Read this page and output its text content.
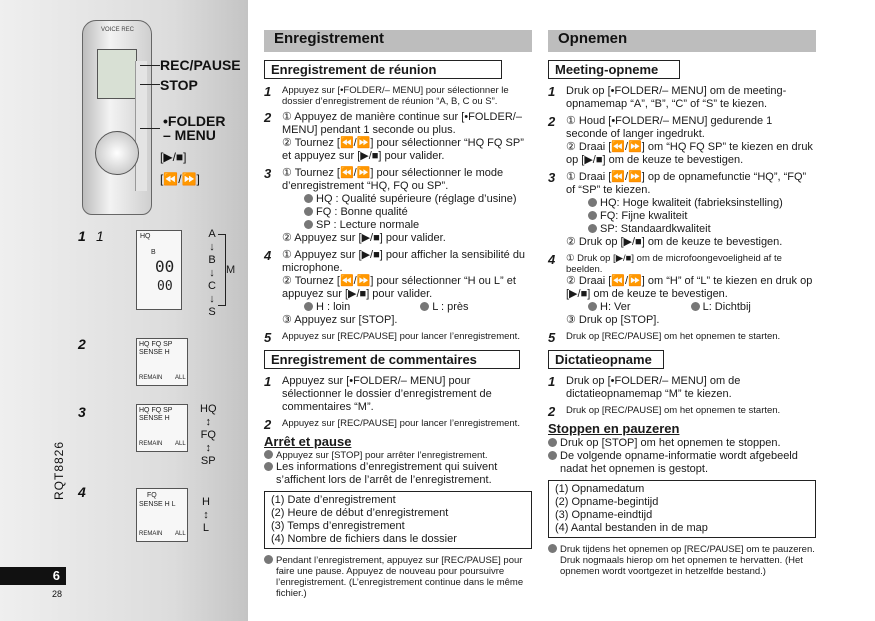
VOICE REC
REC/PAUSE
STOP
•FOLDER
– MENU
[▶/■]
[⏪/⏩]
1 1	HQ
B
00
00
A
↓
B
↓
C
↓
S
M
2	HQ FQ SP
SENSE H
REMAIN ALL
3	HQ FQ SP
SENSE H
REMAIN ALL
HQ
↕
FQ
↕
SP
4	FQ
SENSE H L
REMAIN ALL
H
↕
L
RQT8826
6
28
Enregistrement
Enregistrement de réunion
1 Appuyez sur [•FOLDER/– MENU] pour sélectionner le dossier d’enregistrement de réunion “A, B, C ou S”.
2 ① Appuyez de manière continue sur [•FOLDER/– MENU] pendant 1 seconde ou plus.
② Tournez [⏪/⏩] pour sélectionner “HQ FQ SP” et appuyez sur [▶/■] pour valider.
3 ① Tournez [⏪/⏩] pour sélectionner le mode d’enregistrement “HQ, FQ ou SP”.
HQ : Qualité supérieure (réglage d’usine)
FQ : Bonne qualité
SP : Lecture normale
② Appuyez sur [▶/■] pour valider.
4 ① Appuyez sur [▶/■] pour afficher la sensibilité du microphone.
② Tournez [⏪/⏩] pour sélectionner “H ou L” et appuyez sur [▶/■] pour valider.
H : loin	L : près
③ Appuyez sur [STOP].
5 Appuyez sur [REC/PAUSE] pour lancer l’enregistrement.
Enregistrement de commentaires
1 Appuyez sur [•FOLDER/– MENU] pour sélectionner le dossier d’enregistrement de commentaires “M”.
2 Appuyez sur [REC/PAUSE] pour lancer l’enregistrement.
Arrêt et pause
Appuyez sur [STOP] pour arrêter l’enregistrement.
Les informations d’enregistrement qui suivent s’affichent lors de l’arrêt de l’enregistrement.
(1) Date d’enregistrement
(2) Heure de début d’enregistrement
(3) Temps d’enregistrement
(4) Nombre de fichiers dans le dossier
Pendant l’enregistrement, appuyez sur [REC/PAUSE] pour faire une pause. Appuyez de nouveau pour poursuivre l’enregistrement. (L’enregistrement continue dans le même fichier.)
Opnemen
Meeting-opneme
1 Druk op [•FOLDER/– MENU] om de meeting-opnamemap “A”, “B”, “C” of “S” te kiezen.
2 ① Houd [•FOLDER/– MENU] gedurende 1 seconde of langer ingedrukt.
② Draai [⏪/⏩] om “HQ FQ SP” te kiezen en druk op [▶/■] om de keuze te bevestigen.
3 ① Draai [⏪/⏩] op de opnamefunctie “HQ”, “FQ” of “SP” te kiezen.
HQ: Hoge kwaliteit (fabrieksinstelling)
FQ: Fijne kwaliteit
SP: Standaardkwaliteit
② Druk op [▶/■] om de keuze te bevestigen.
4 ① Druk op [▶/■] om de microfoongevoeligheid af te beelden.
② Draai [⏪/⏩] om “H” of “L” te kiezen en druk op [▶/■] om de keuze te bevestigen.
H: Ver	L: Dichtbij
③ Druk op [STOP].
5 Druk op [REC/PAUSE] om het opnemen te starten.
Dictatieopname
1 Druk op [•FOLDER/– MENU] om de dictatieopnamemap “M” te kiezen.
2 Druk op [REC/PAUSE] om het opnemen te starten.
Stoppen en pauzeren
Druk op [STOP] om het opnemen te stoppen.
De volgende opname-informatie wordt afgebeeld nadat het opnemen is gestopt.
(1) Opnamedatum
(2) Opname-begintijd
(3) Opname-eindtijd
(4) Aantal bestanden in de map
Druk tijdens het opnemen op [REC/PAUSE] om te pauzeren. Druk nogmaals hierop om het opnemen te hervatten. (Het opnemen wordt voortgezet in hetzelfde bestand.)
